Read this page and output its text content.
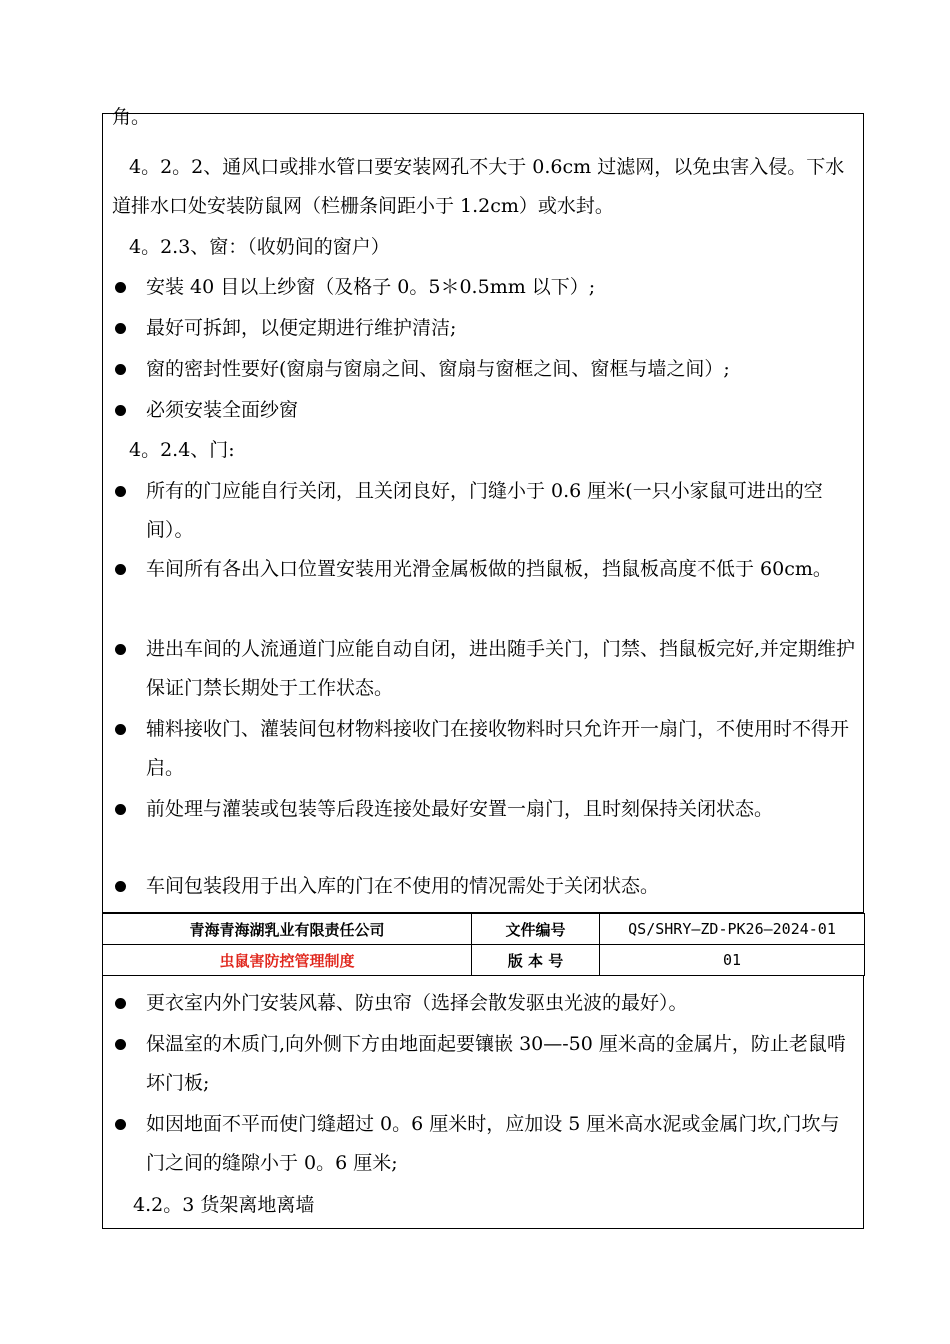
角。
4。2。2、通风口或排水管口要安装网孔不大于 0.6cm 过滤网，以免虫害入侵。下水道排水口处安装防鼠网（栏栅条间距小于 1.2cm）或水封。
4。2.3、窗：（收奶间的窗户）
安装 40 目以上纱窗（及格子 0。5＊0.5mm 以下）;
最好可拆卸，以便定期进行维护清洁;
窗的密封性要好(窗扇与窗扇之间、窗扇与窗框之间、窗框与墙之间）;
必须安装全面纱窗
4。2.4、门:
所有的门应能自行关闭，且关闭良好，门缝小于 0.6 厘米(一只小家鼠可进出的空间）。
车间所有各出入口位置安装用光滑金属板做的挡鼠板，挡鼠板高度不低于 60cm。
进出车间的人流通道门应能自动自闭，进出随手关门，门禁、挡鼠板完好,并定期维护保证门禁长期处于工作状态。
辅料接收门、灌装间包材物料接收门在接收物料时只允许开一扇门，不使用时不得开启。
前处理与灌装或包装等后段连接处最好安置一扇门，且时刻保持关闭状态。
车间包装段用于出入库的门在不使用的情况需处于关闭状态。
青海青海湖乳业有限责任公司	文件编号	QS/SHRY—ZD-PK26—2024-01
虫鼠害防控管理制度	版 本 号	01
更衣室内外门安装风幕、防虫帘（选择会散发驱虫光波的最好）。
保温室的木质门,向外侧下方由地面起要镶嵌 30—-50 厘米高的金属片，防止老鼠啃坏门板;
如因地面不平而使门缝超过 0。6 厘米时，应加设 5 厘米高水泥或金属门坎,门坎与门之间的缝隙小于 0。6 厘米;
4.2。3 货架离地离墙
